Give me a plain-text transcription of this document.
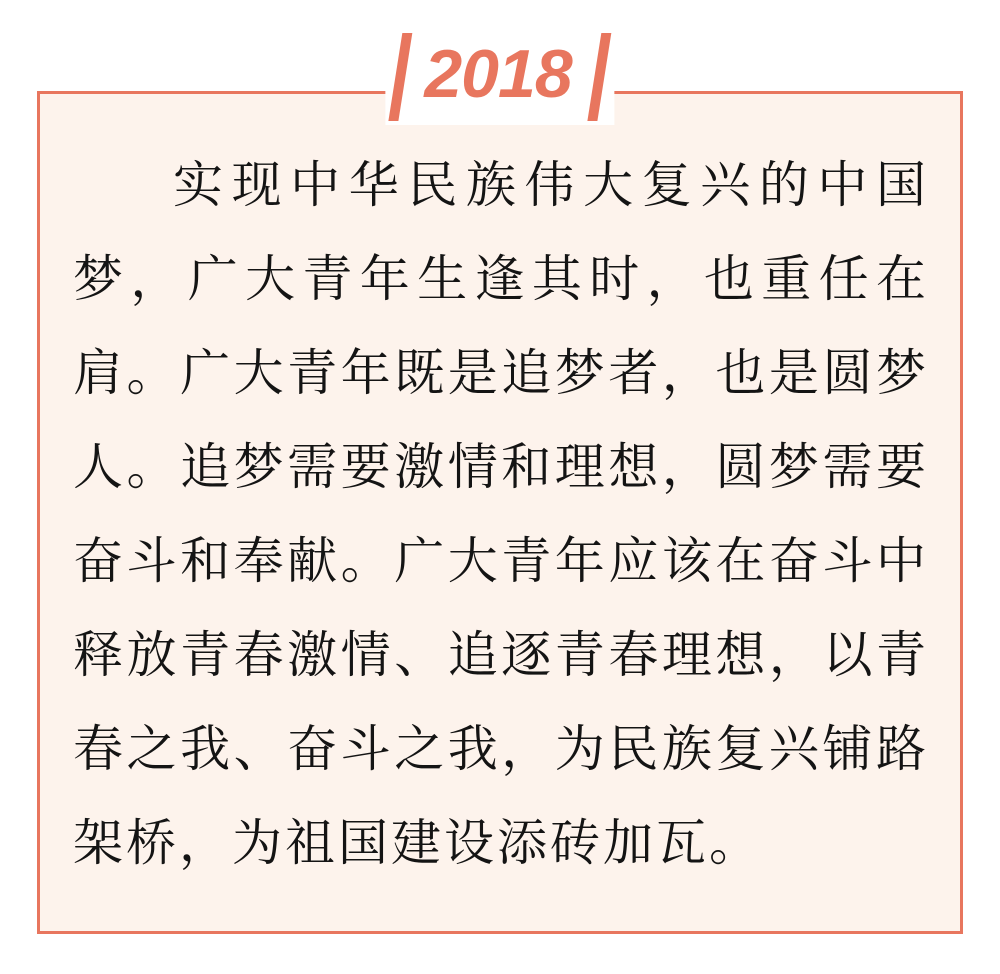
2018
实现中华民族伟大复兴的中国
梦，广大青年生逢其时，也重任在
肩。广大青年既是追梦者，也是圆梦
人。追梦需要激情和理想，圆梦需要
奋斗和奉献。广大青年应该在奋斗中
释放青春激情、追逐青春理想，以青
春之我、奋斗之我，为民族复兴铺路
架桥，为祖国建设添砖加瓦。
